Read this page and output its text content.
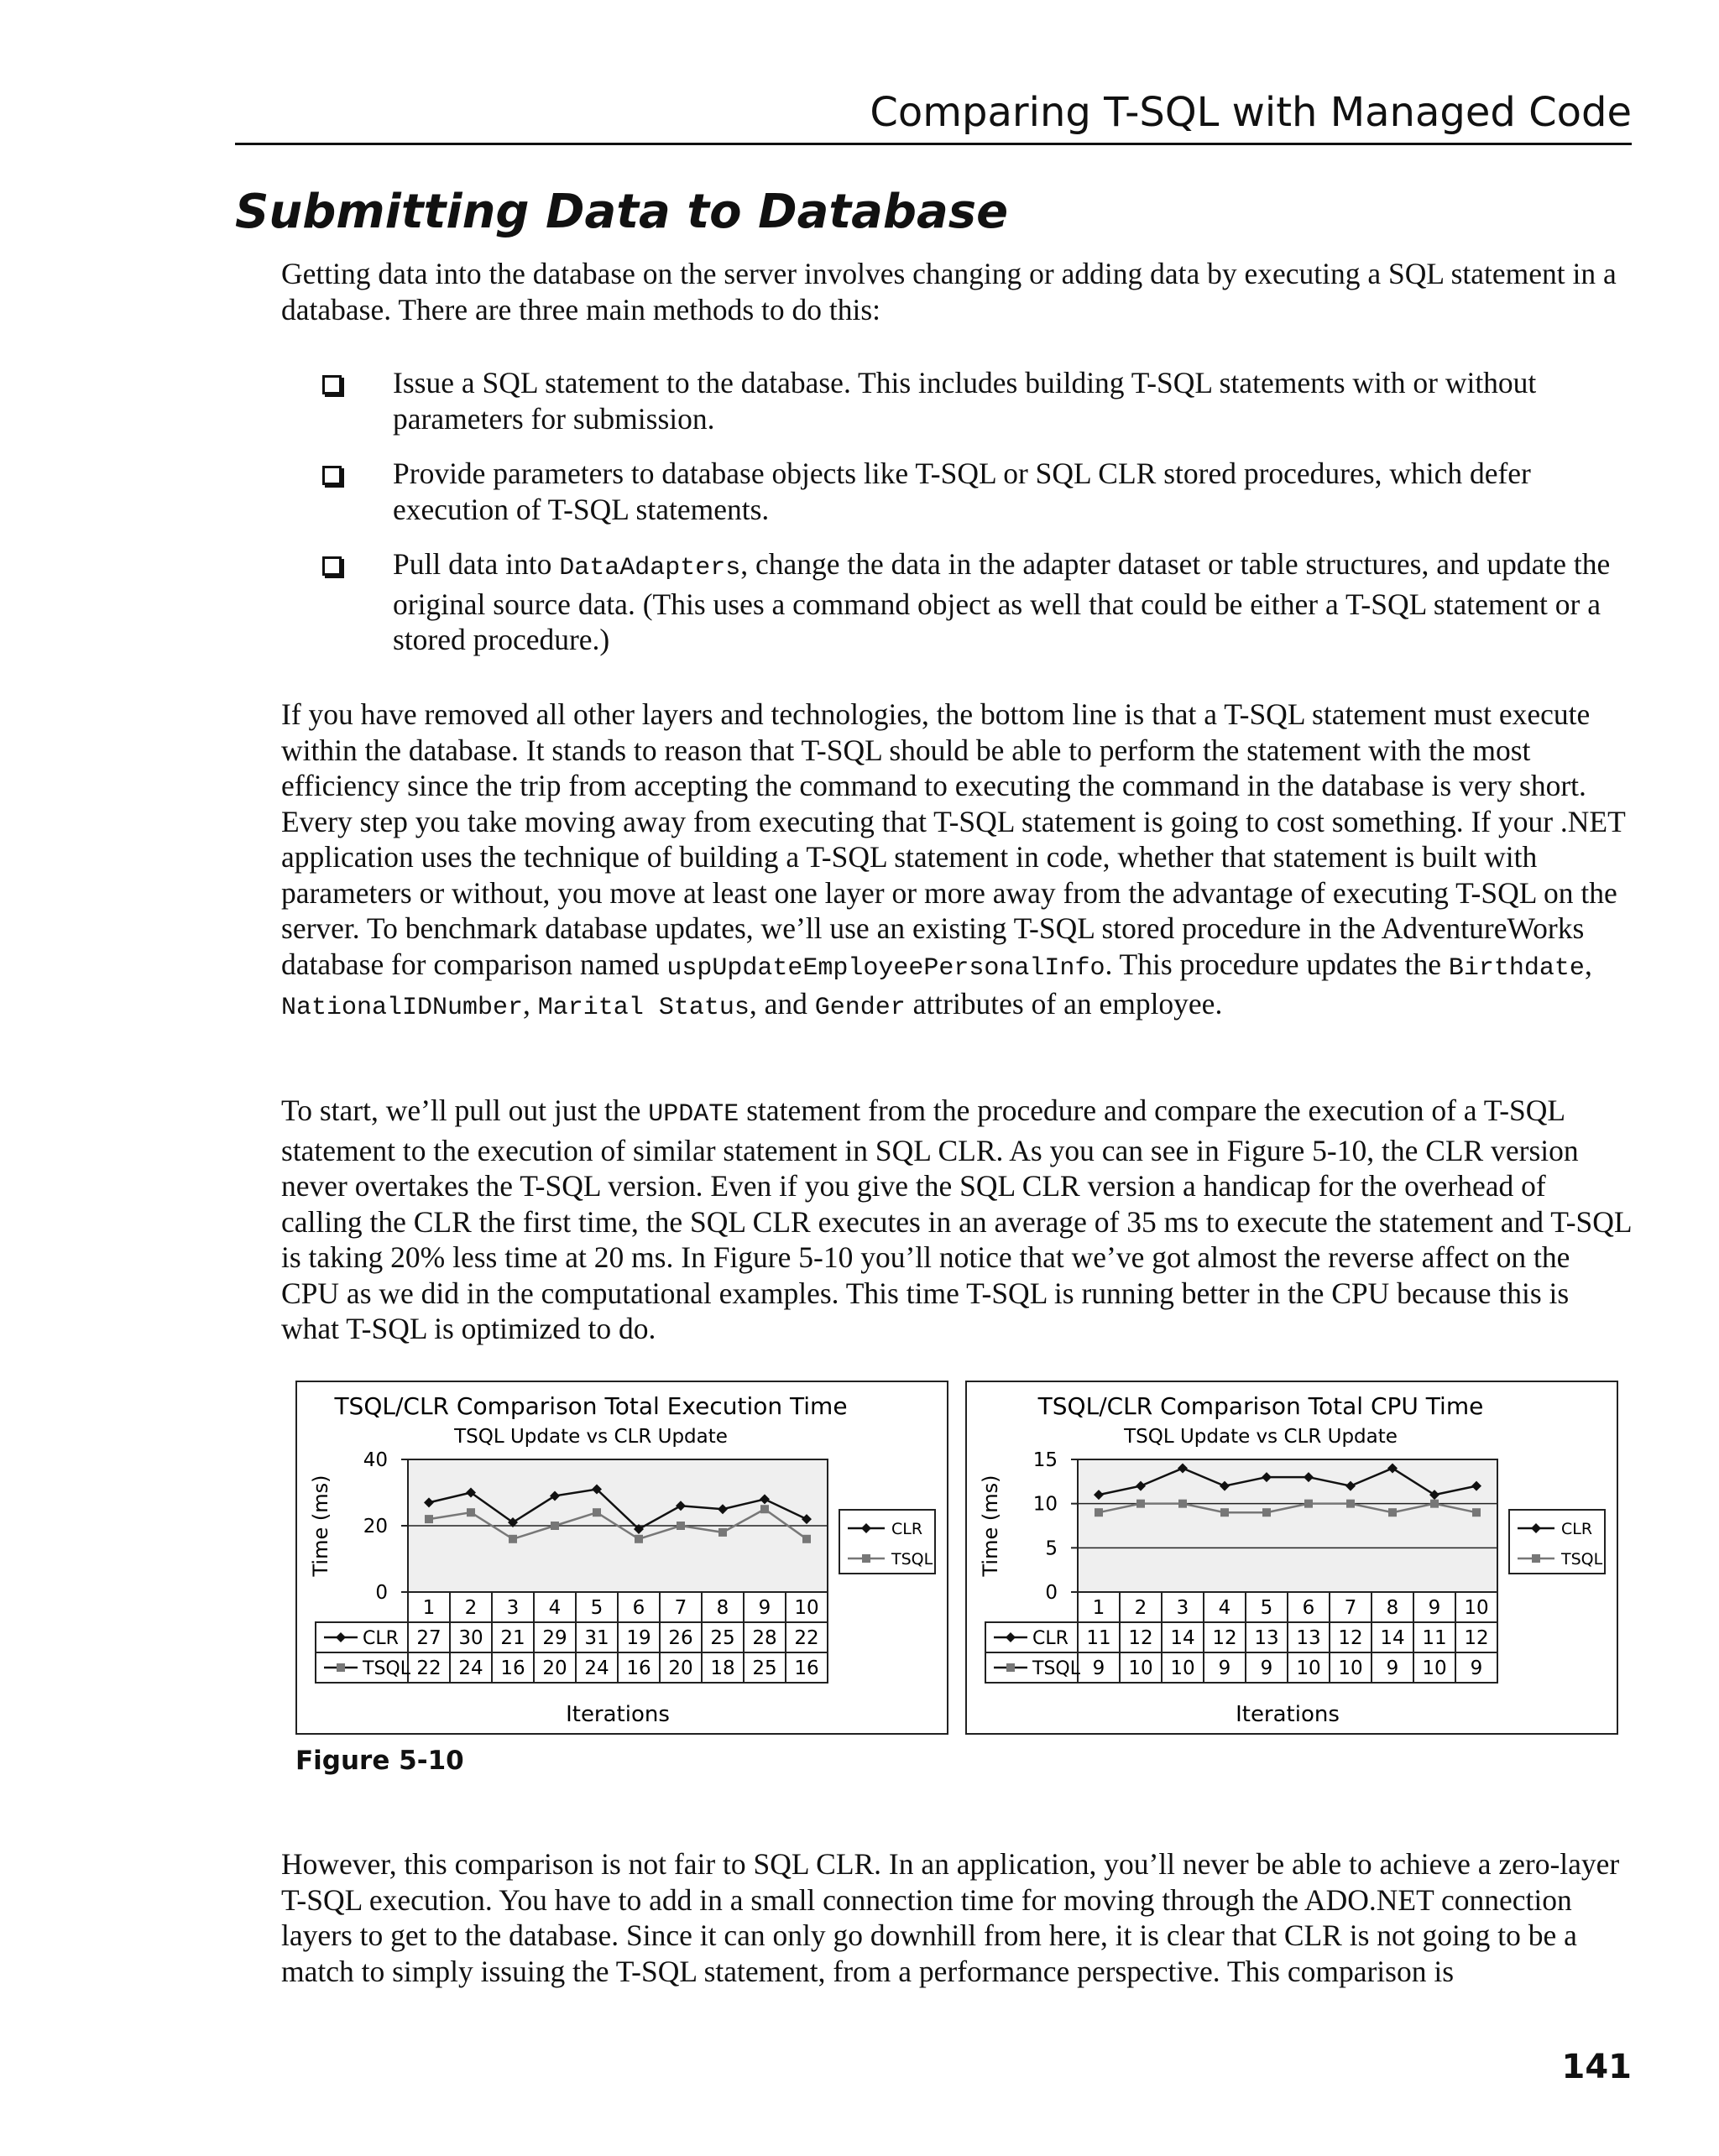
Comparing T-SQL with Managed Code
Submitting Data to Database

Getting data into the database on the server involves changing or adding data by executing a SQL statement in a database. There are three main methods to do this:

Issue a SQL statement to the database. This includes building T-SQL statements with or without parameters for submission.
Provide parameters to database objects like T-SQL or SQL CLR stored procedures, which defer execution of T-SQL statements.
Pull data into DataAdapters, change the data in the adapter dataset or table structures, and update the original source data. (This uses a command object as well that could be either a T-SQL statement or a stored procedure.)

If you have removed all other layers and technologies, the bottom line is that a T-SQL statement must execute within the database. It stands to reason that T-SQL should be able to perform the statement with the most efficiency since the trip from accepting the command to executing the command in the database is very short. Every step you take moving away from executing that T-SQL statement is going to cost something. If your .NET application uses the technique of building a T-SQL statement in code, whether that statement is built with parameters or without, you move at least one layer or more away from the advantage of executing T-SQL on the server. To benchmark database updates, we’ll use an existing T-SQL stored procedure in the AdventureWorks database for comparison named uspUpdateEmployeePersonalInfo. This procedure updates the Birthdate, NationalIDNumber, Marital Status, and Gender attributes of an employee.

To start, we’ll pull out just the UPDATE statement from the procedure and compare the execution of a T-SQL statement to the execution of similar statement in SQL CLR. As you can see in Figure 5-10, the CLR version never overtakes the T-SQL version. Even if you give the SQL CLR version a handicap for the overhead of calling the CLR the first time, the SQL CLR executes in an average of 35 ms to execute the statement and T-SQL is taking 20% less time at 20 ms. In Figure 5-10 you’ll notice that we’ve got almost the reverse affect on the CPU as we did in the computational examples. This time T-SQL is running better in the CPU because this is what T-SQL is optimized to do.

TSQL/CLR Comparison Total Execution Time
TSQL Update vs CLR Update
Time (ms)
0
20
40
1 2 3 4 5 6 7 8 9 10
CLR 27 30 21 29 31 19 26 25 28 22
TSQL 22 24 16 20 24 16 20 18 25 16
Iterations
CLR
TSQL
TSQL/CLR Comparison Total CPU Time
TSQL Update vs CLR Update
Time (ms)
0
5
10
15
1 2 3 4 5 6 7 8 9 10
CLR 11 12 14 12 13 13 12 14 11 12
TSQL 9 10 10 9 9 10 10 9 10 9
Iterations
CLR
TSQL
Figure 5-10

However, this comparison is not fair to SQL CLR. In an application, you’ll never be able to achieve a zero-layer T-SQL execution. You have to add in a small connection time for moving through the ADO.NET connection layers to get to the database. Since it can only go downhill from here, it is clear that CLR is not going to be a match to simply issuing the T-SQL statement, from a performance perspective. This comparison is

141
